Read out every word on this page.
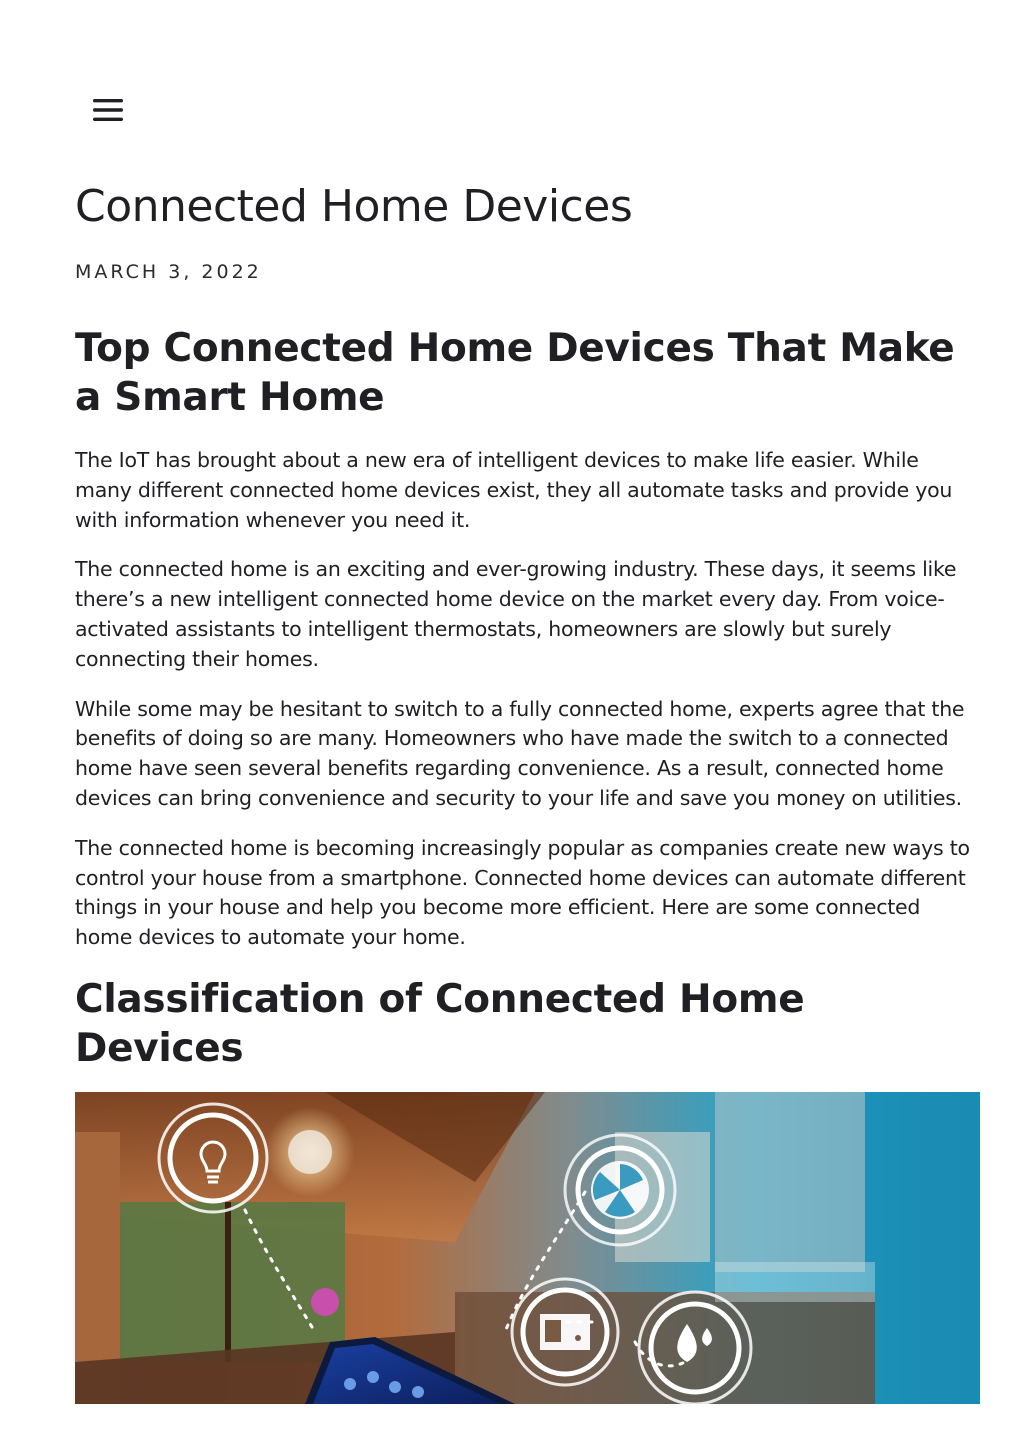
Connected Home Devices
MARCH 3, 2022
Top Connected Home Devices That Make a Smart Home

The IoT has brought about a new era of intelligent devices to make life easier. While many different connected home devices exist, they all automate tasks and provide you with information whenever you need it.

The connected home is an exciting and ever-growing industry. These days, it seems like there’s a new intelligent connected home device on the market every day. From voice-activated assistants to intelligent thermostats, homeowners are slowly but surely connecting their homes.

While some may be hesitant to switch to a fully connected home, experts agree that the benefits of doing so are many. Homeowners who have made the switch to a connected home have seen several benefits regarding convenience. As a result, connected home devices can bring convenience and security to your life and save you money on utilities.

The connected home is becoming increasingly popular as companies create new ways to control your house from a smartphone. Connected home devices can automate different things in your house and help you become more efficient. Here are some connected home devices to automate your home.

Classification of Connected Home Devices
